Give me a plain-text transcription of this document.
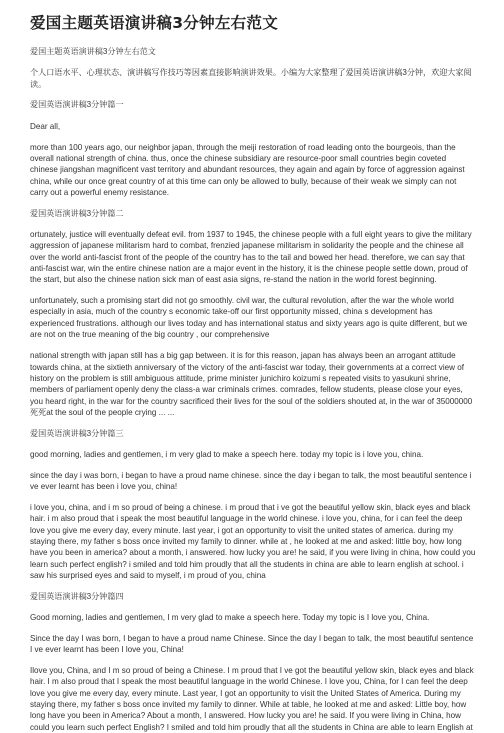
爱国主题英语演讲稿3分钟左右范文

爱国主题英语演讲稿3分钟左右范文

个人口语水平、心理状态、演讲稿写作技巧等因素直接影响演讲效果。小编为大家整理了爱国英语演讲稿3分钟，欢迎大家阅读。

爱国英语演讲稿3分钟篇一

Dear all,

more than 100 years ago, our neighbor japan, through the meiji restoration of road leading onto the bourgeois, than the overall national strength of china. thus, once the chinese subsidiary are resource-poor small countries begin coveted chinese jiangshan magnificent vast territory and abundant resources, they again and again by force of aggression against china, while our once great country of at this time can only be allowed to bully, because of their weak we simply can not carry out a powerful enemy resistance.

爱国英语演讲稿3分钟篇二

ortunately, justice will eventually defeat evil. from 1937 to 1945, the chinese people with a full eight years to give the military aggression of japanese militarism hard to combat, frenzied japanese militarism in solidarity the people and the chinese all over the world anti-fascist front of the people of the country has to the tail and bowed her head. therefore, we can say that anti-fascist war, win the entire chinese nation are a major event in the history, it is the chinese people settle down, proud of the start, but also the chinese nation sick man of east asia signs, re-stand the nation in the world forest beginning.

unfortunately, such a promising start did not go smoothly. civil war, the cultural revolution, after the war the whole world especially in asia, much of the country s economic take-off our first opportunity missed, china s development has experienced frustrations. although our lives today and has international status and sixty years ago is quite different, but we are not on the true meaning of the big country , our comprehensive

national strength with japan still has a big gap between. it is for this reason, japan has always been an arrogant attitude towards china, at the sixtieth anniversary of the victory of the anti-fascist war today, their governments at a correct view of history on the problem is still ambiguous attitude, prime minister junichiro koizumi s repeated visits to yasukuni shrine, members of parliament openly deny the class-a war criminals crimes. comrades, fellow students, please close your eyes, you heard right, in the war for the country sacrificed their lives for the soul of the soldiers shouted at, in the war of 35000000死死at the soul of the people crying ... ...

爱国英语演讲稿3分钟篇三

good morning, ladies and gentlemen, i m very glad to make a speech here. today my topic is i love you, china.

since the day i was born, i began to have a proud name chinese. since the day i began to talk, the most beautiful sentence i ve ever learnt has been i love you, china!

i love you, china, and i m so proud of being a chinese. i m proud that i ve got the beautiful yellow skin, black eyes and black hair. i m also proud that i speak the most beautiful language in the world chinese. i love you, china, for i can feel the deep love you give me every day, every minute. last year, i got an opportunity to visit the united states of america. during my staying there, my father s boss once invited my family to dinner. while at , he looked at me and asked: little boy, how long have you been in america? about a month, i answered. how lucky you are! he said, if you were living in china, how could you learn such perfect english? i smiled and told him proudly that all the students in china are able to learn english at school. i saw his surprised eyes and said to myself, i m proud of you, china

爱国英语演讲稿3分钟篇四

Good morning, ladies and gentlemen, I m very glad to make a speech here. Today my topic is I love you, China.

Since the day I was born, I began to have a proud name Chinese. Since the day I began to talk, the most beautiful sentence I ve ever learnt has been I love you, China!

Ilove you, China, and I m so proud of being a Chinese. I m proud that I ve got the beautiful yellow skin, black eyes and black hair. I m also proud that I speak the most beautiful language in the world Chinese. I love you, China, for I can feel the deep love you give me every day, every minute. Last year, I got an opportunity to visit the United States of America. During my staying there, my father s boss once invited my family to dinner. While at table, he looked at me and asked: Little boy, how long have you been in America? About a month, I answered. How lucky you are! he said. If you were living in China, how could you learn such perfect English? I smiled and told him proudly that all the students in China are able to learn English at
